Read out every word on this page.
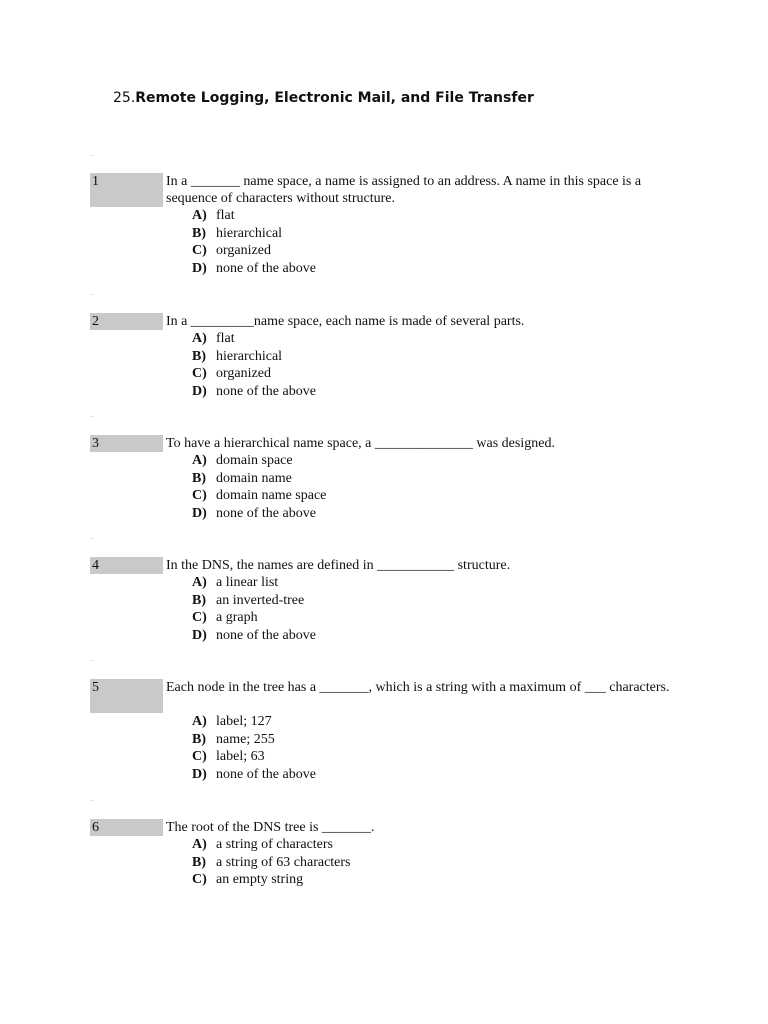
25.Remote Logging, Electronic Mail, and File Transfer
1	In a _______ name space, a name is assigned to an address. A name in this space is a sequence of characters without structure.
A) flat
B) hierarchical
C) organized
D) none of the above
2	In a _________name space, each name is made of several parts.
A) flat
B) hierarchical
C) organized
D) none of the above
3	To have a hierarchical name space, a ______________ was designed.
A) domain space
B) domain name
C) domain name space
D) none of the above
4	In the DNS, the names are defined in ___________ structure.
A) a linear list
B) an inverted-tree
C) a graph
D) none of the above
5	Each node in the tree has a _______, which is a string with a maximum of ___ characters.
A) label; 127
B) name; 255
C) label; 63
D) none of the above
6	The root of the DNS tree is _______.
A) a string of characters
B) a string of 63 characters
C) an empty string
